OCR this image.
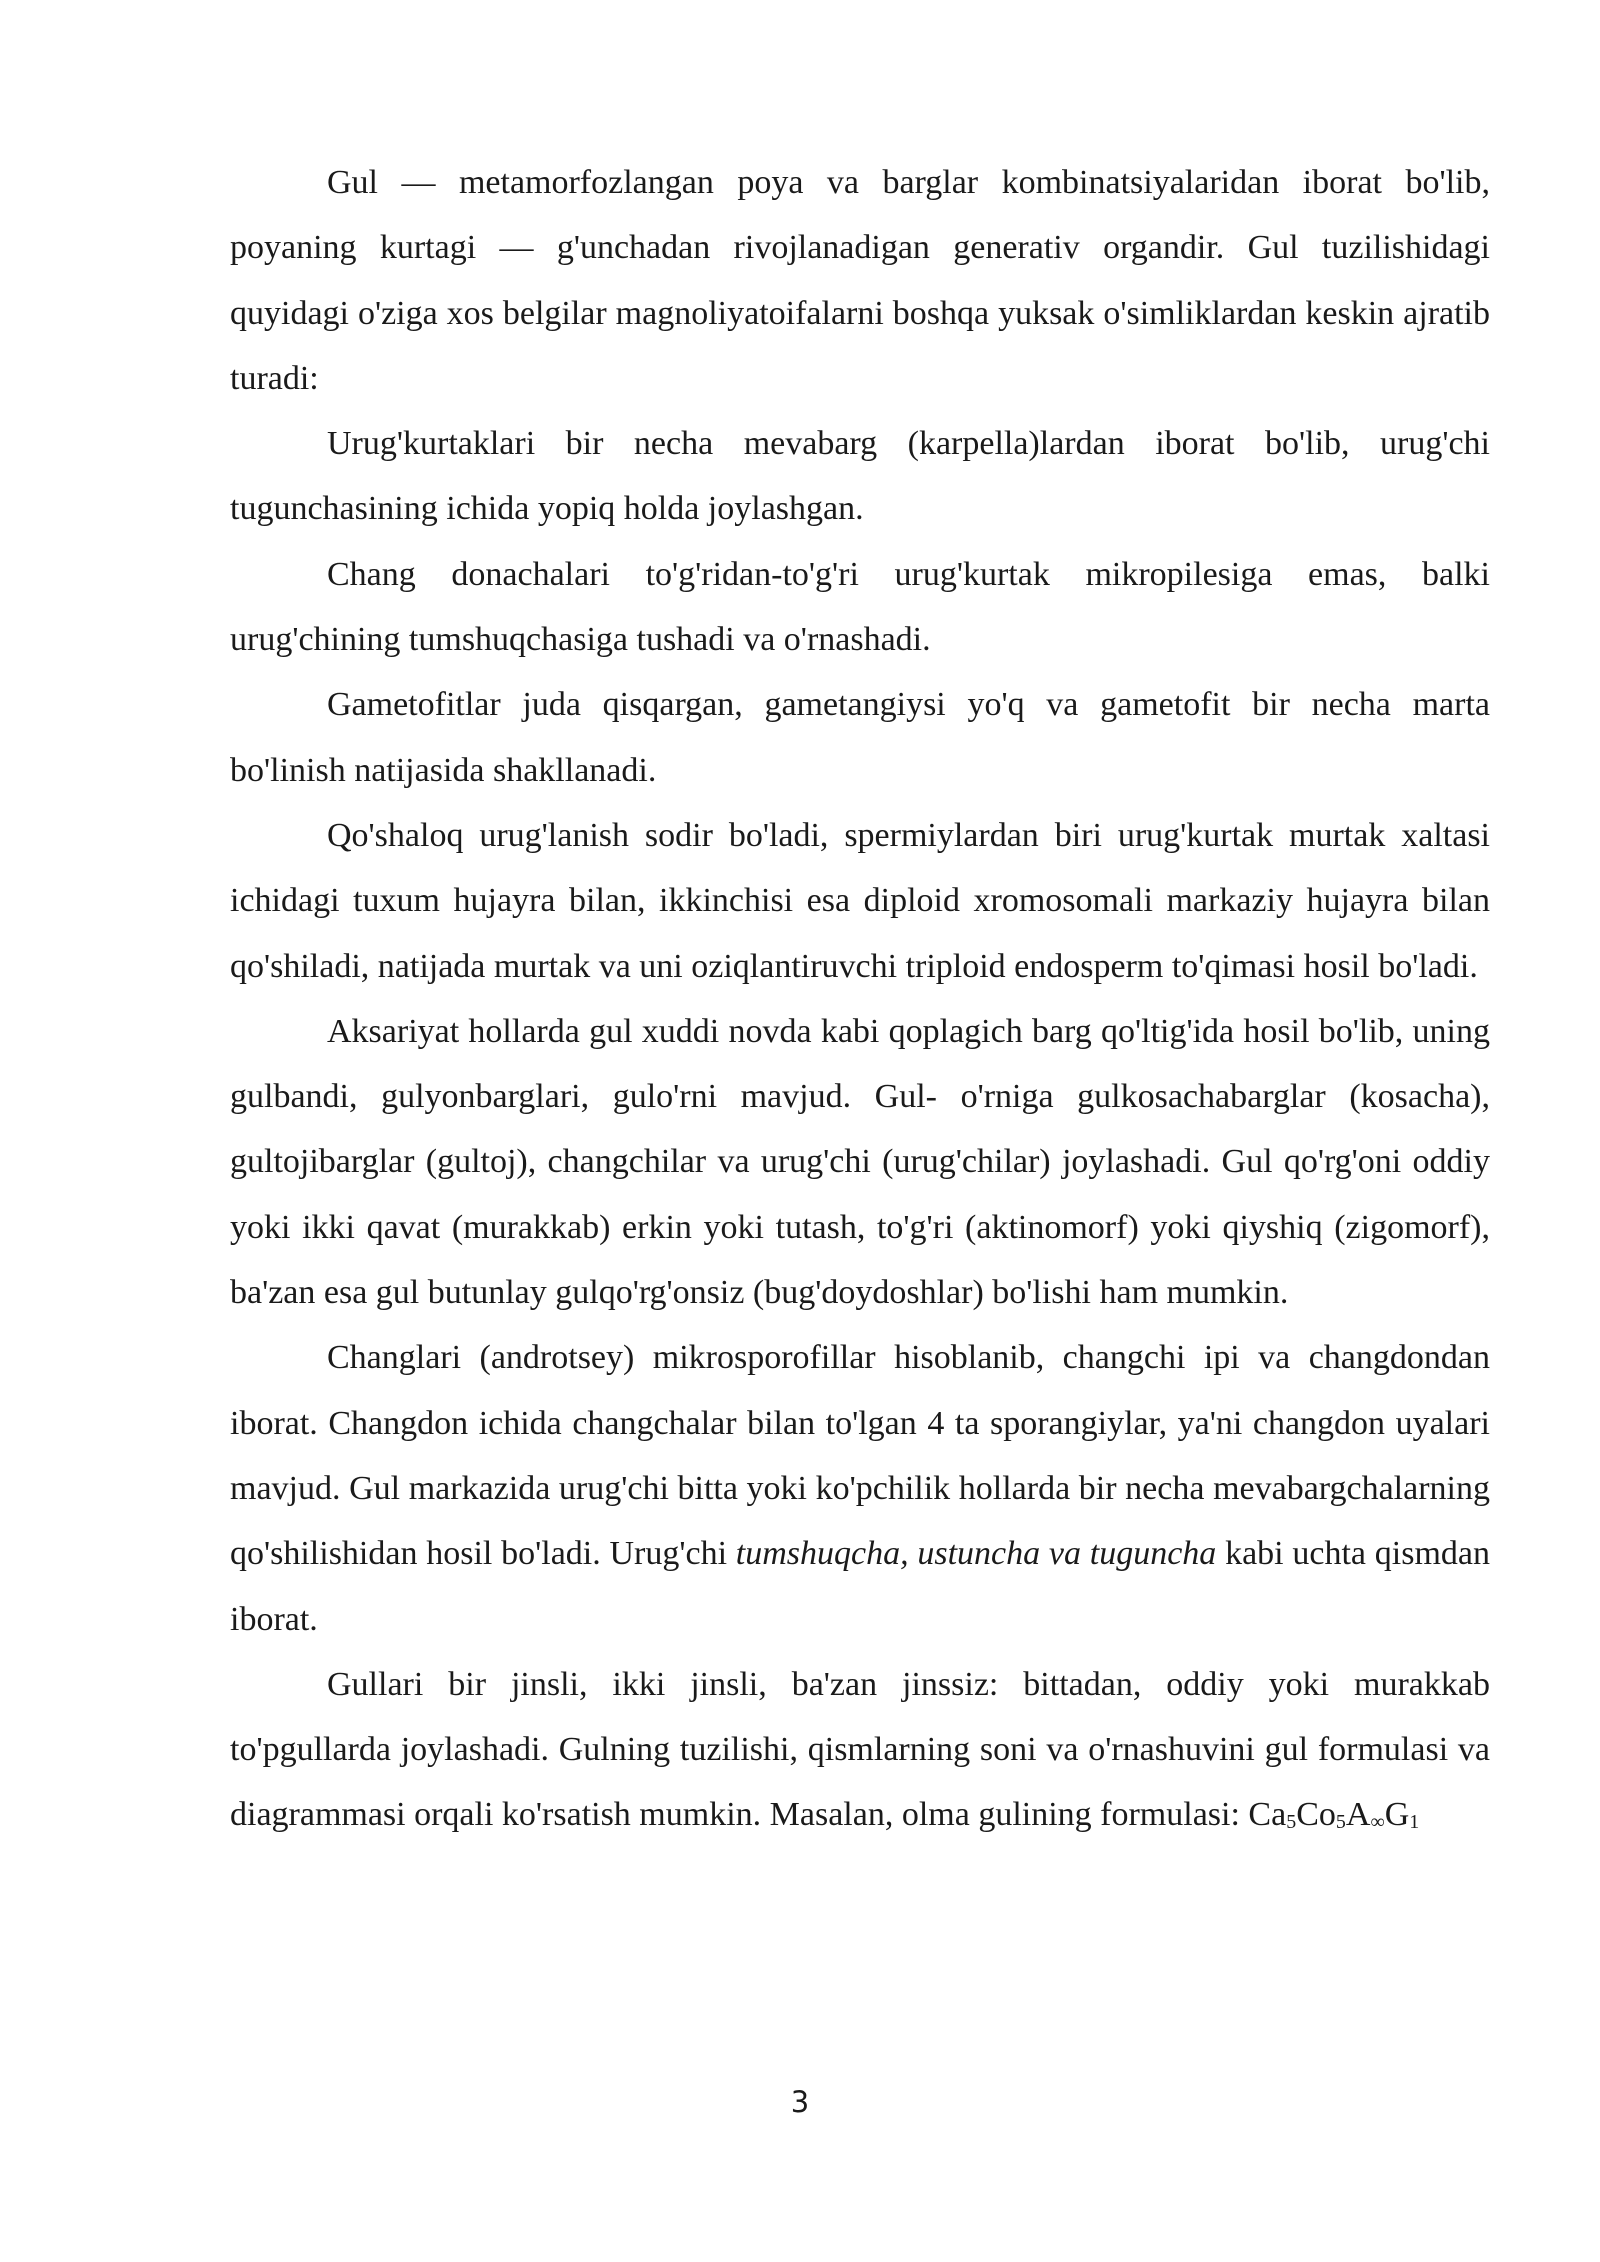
Gul — metamorfozlangan poya va barglar kombinatsiyalaridan iborat bo'lib, poyaning kurtagi — g'unchadan rivojlanadigan generativ organdir. Gul tuzilishidagi quyidagi o'ziga xos belgilar magnoliyatoifalarni boshqa yuksak o'simliklardan keskin ajratib turadi:

Urug'kurtaklari bir necha mevabarg (karpella)lardan iborat bo'lib, urug'chi tugunchasining ichida yopiq holda joylashgan.

Chang donachalari to'g'ridan-to'g'ri urug'kurtak mikropilesiga emas, balki urug'chining tumshuqchasiga tushadi va o'rnashadi.

Gametofitlar juda qisqargan, gametangiysi yo'q va gametofit bir necha marta bo'linish natijasida shakllanadi.

Qo'shaloq urug'lanish sodir bo'ladi, spermiylardan biri urug'kurtak murtak xaltasi ichidagi tuxum hujayra bilan, ikkinchisi esa diploid xromosomali markaziy hujayra bilan qo'shiladi, natijada murtak va uni oziqlantiruvchi triploid endosperm to'qimasi hosil bo'ladi.

Aksariyat hollarda gul xuddi novda kabi qoplagich barg qo'ltig'ida hosil bo'lib, uning gulbandi, gulyonbarglari, gulo'rni mavjud. Gul- o'rniga gulkosachabarglar (kosacha), gultojibarglar (gultoj), changchilar va urug'chi (urug'chilar) joylashadi. Gul qo'rg'oni oddiy yoki ikki qavat (murakkab) erkin yoki tutash, to'g'ri (aktinomorf) yoki qiyshiq (zigomorf), ba'zan esa gul butunlay gulqo'rg'onsiz (bug'doydoshlar) bo'lishi ham mumkin.

Changlari (androtsey) mikrosporofillar hisoblanib, changchi ipi va changdondan iborat. Changdon ichida changchalar bilan to'lgan 4 ta sporangiylar, ya'ni changdon uyalari mavjud. Gul markazida urug'chi bitta yoki ko'pchilik hollarda bir necha mevabargchalarning qo'shilishidan hosil bo'ladi. Urug'chi tumshuqcha, ustuncha va tuguncha kabi uchta qismdan iborat.

Gullari bir jinsli, ikki jinsli, ba'zan jinssiz: bittadan, oddiy yoki murakkab to'pgullarda joylashadi. Gulning tuzilishi, qismlarning soni va o'rnashuvini gul formulasi va diagrammasi orqali ko'rsatish mumkin. Masalan, olma gulining formulasi: $Ca_5Co_5A_\infty G_1$

3
